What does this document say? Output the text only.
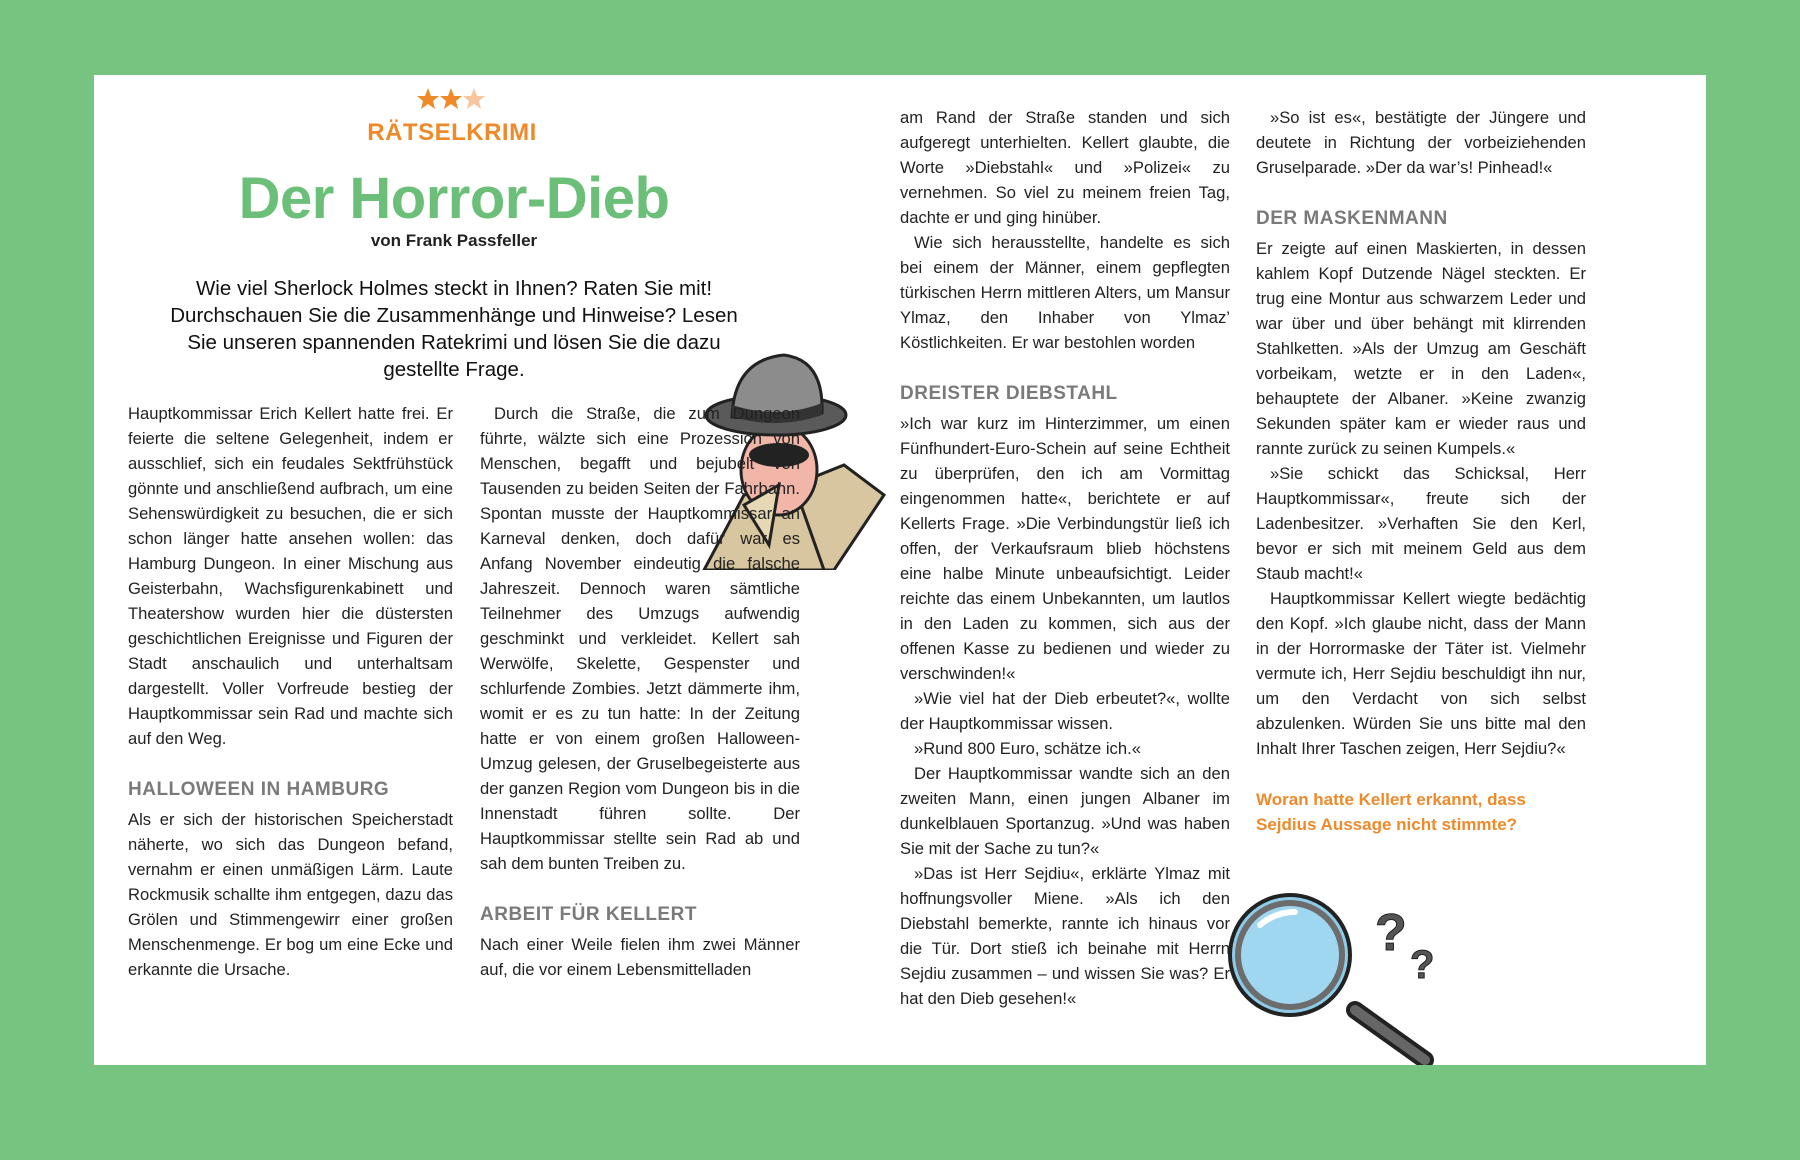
RÄTSELKRIMI
Der Horror-Dieb
von Frank Passfeller
Wie viel Sherlock Holmes steckt in Ihnen? Raten Sie mit! Durchschauen Sie die Zusammenhänge und Hinweise? Lesen Sie unseren spannenden Ratekrimi und lösen Sie die dazu gestellte Frage.

Hauptkommissar Erich Kellert hatte frei. Er feierte die seltene Gelegenheit, indem er ausschlief, sich ein feudales Sektfrühstück gönnte und anschließend aufbrach, um eine Sehenswürdigkeit zu besuchen, die er sich schon länger hatte ansehen wollen: das Hamburg Dungeon. In einer Mischung aus Geisterbahn, Wachsfigurenkabinett und Theatershow wurden hier die düstersten geschichtlichen Ereignisse und Figuren der Stadt anschaulich und unterhaltsam dargestellt. Voller Vorfreude bestieg der Hauptkommissar sein Rad und machte sich auf den Weg.

HALLOWEEN IN HAMBURG

Als er sich der historischen Speicherstadt näherte, wo sich das Dungeon befand, vernahm er einen unmäßigen Lärm. Laute Rockmusik schallte ihm entgegen, dazu das Grölen und Stimmengewirr einer großen Menschenmenge. Er bog um eine Ecke und erkannte die Ursache.

Durch die Straße, die zum Dungeon führte, wälzte sich eine Prozession von Menschen, begafft und bejubelt von Tausenden zu beiden Seiten der Fahrbahn. Spontan musste der Hauptkommissar an Karneval denken, doch dafür war es Anfang November eindeutig die falsche Jahreszeit. Dennoch waren sämtliche Teilnehmer des Umzugs aufwendig geschminkt und verkleidet. Kellert sah Werwölfe, Skelette, Gespenster und schlurfende Zombies. Jetzt dämmerte ihm, womit er es zu tun hatte: In der Zeitung hatte er von einem großen Halloween-Umzug gelesen, der Gruselbegeisterte aus der ganzen Region vom Dungeon bis in die Innenstadt führen sollte. Der Hauptkommissar stellte sein Rad ab und sah dem bunten Treiben zu.

ARBEIT FÜR KELLERT

Nach einer Weile fielen ihm zwei Männer auf, die vor einem Lebensmittelladen

am Rand der Straße standen und sich aufgeregt unterhielten. Kellert glaubte, die Worte »Diebstahl« und »Polizei« zu vernehmen. So viel zu meinem freien Tag, dachte er und ging hinüber.

Wie sich herausstellte, handelte es sich bei einem der Männer, einem gepflegten türkischen Herrn mittleren Alters, um Mansur Ylmaz, den Inhaber von Ylmaz’ Köstlichkeiten. Er war bestohlen worden

DREISTER DIEBSTAHL

»Ich war kurz im Hinterzimmer, um einen Fünfhundert-Euro-Schein auf seine Echtheit zu überprüfen, den ich am Vormittag eingenommen hatte«, berichtete er auf Kellerts Frage. »Die Verbindungstür ließ ich offen, der Verkaufsraum blieb höchstens eine halbe Minute unbeaufsichtigt. Leider reichte das einem Unbekannten, um lautlos in den Laden zu kommen, sich aus der offenen Kasse zu bedienen und wieder zu verschwinden!«

»Wie viel hat der Dieb erbeutet?«, wollte der Hauptkommissar wissen.

»Rund 800 Euro, schätze ich.«

Der Hauptkommissar wandte sich an den zweiten Mann, einen jungen Albaner im dunkelblauen Sportanzug. »Und was haben Sie mit der Sache zu tun?«

»Das ist Herr Sejdiu«, erklärte Ylmaz mit hoffnungsvoller Miene. »Als ich den Diebstahl bemerkte, rannte ich hinaus vor die Tür. Dort stieß ich beinahe mit Herrn Sejdiu zusammen – und wissen Sie was? Er hat den Dieb gesehen!«

»So ist es«, bestätigte der Jüngere und deutete in Richtung der vorbeiziehenden Gruselparade. »Der da war’s! Pinhead!«

DER MASKENMANN

Er zeigte auf einen Maskierten, in dessen kahlem Kopf Dutzende Nägel steckten. Er trug eine Montur aus schwarzem Leder und war über und über behängt mit klirrenden Stahlketten. »Als der Umzug am Geschäft vorbeikam, wetzte er in den Laden«, behauptete der Albaner. »Keine zwanzig Sekunden später kam er wieder raus und rannte zurück zu seinen Kumpels.«

»Sie schickt das Schicksal, Herr Hauptkommissar«, freute sich der Ladenbesitzer. »Verhaften Sie den Kerl, bevor er sich mit meinem Geld aus dem Staub macht!«

Hauptkommissar Kellert wiegte bedächtig den Kopf. »Ich glaube nicht, dass der Mann in der Horrormaske der Täter ist. Vielmehr vermute ich, Herr Sejdiu beschuldigt ihn nur, um den Verdacht von sich selbst abzulenken. Würden Sie uns bitte mal den Inhalt Ihrer Taschen zeigen, Herr Sejdiu?«

Woran hatte Kellert erkannt, dass Sejdius Aussage nicht stimmte?
?
?
